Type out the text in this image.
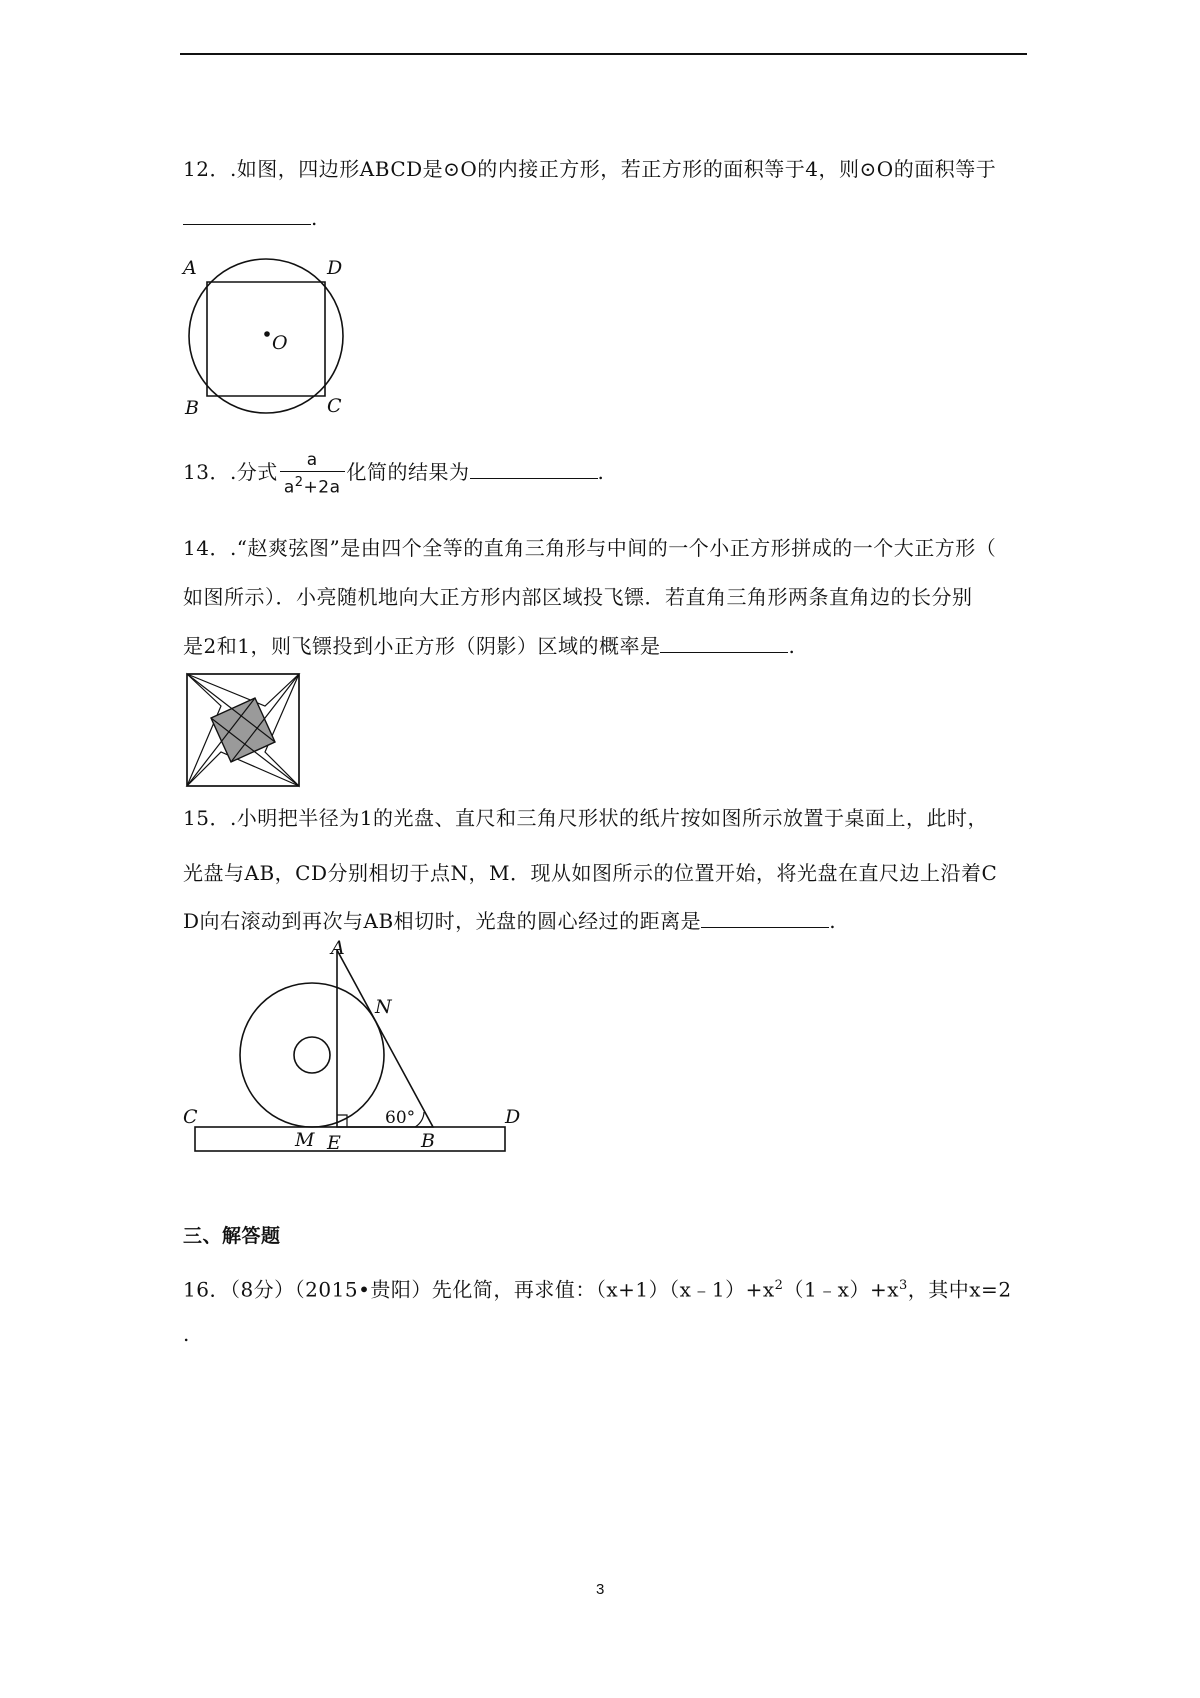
12．.如图，四边形ABCD是⊙O的内接正方形，若正方形的面积等于4，则⊙O的面积等于
.
A	D
O
B	C
13．.分式 $\frac{a}{a^2+2a}$ 化简的结果为	.
14．.“赵爽弦图”是由四个全等的直角三角形与中间的一个小正方形拼成的一个大正方形（
如图所示）．小亮随机地向大正方形内部区域投飞镖．若直角三角形两条直角边的长分别
是2和1，则飞镖投到小正方形（阴影）区域的概率是	.
15．.小明把半径为1的光盘、直尺和三角尺形状的纸片按如图所示放置于桌面上，此时，
光盘与AB，CD分别相切于点N，M．现从如图所示的位置开始，将光盘在直尺边上沿着C
D向右滚动到再次与AB相切时，光盘的圆心经过的距离是	.
A
N
C	D
M E	B
60°
三、解答题
16．（8分）（2015•贵阳）先化简，再求值：$(x+1)(x﹣1)+x^2(1﹣x)+x^3$，其中x=2
.
3
